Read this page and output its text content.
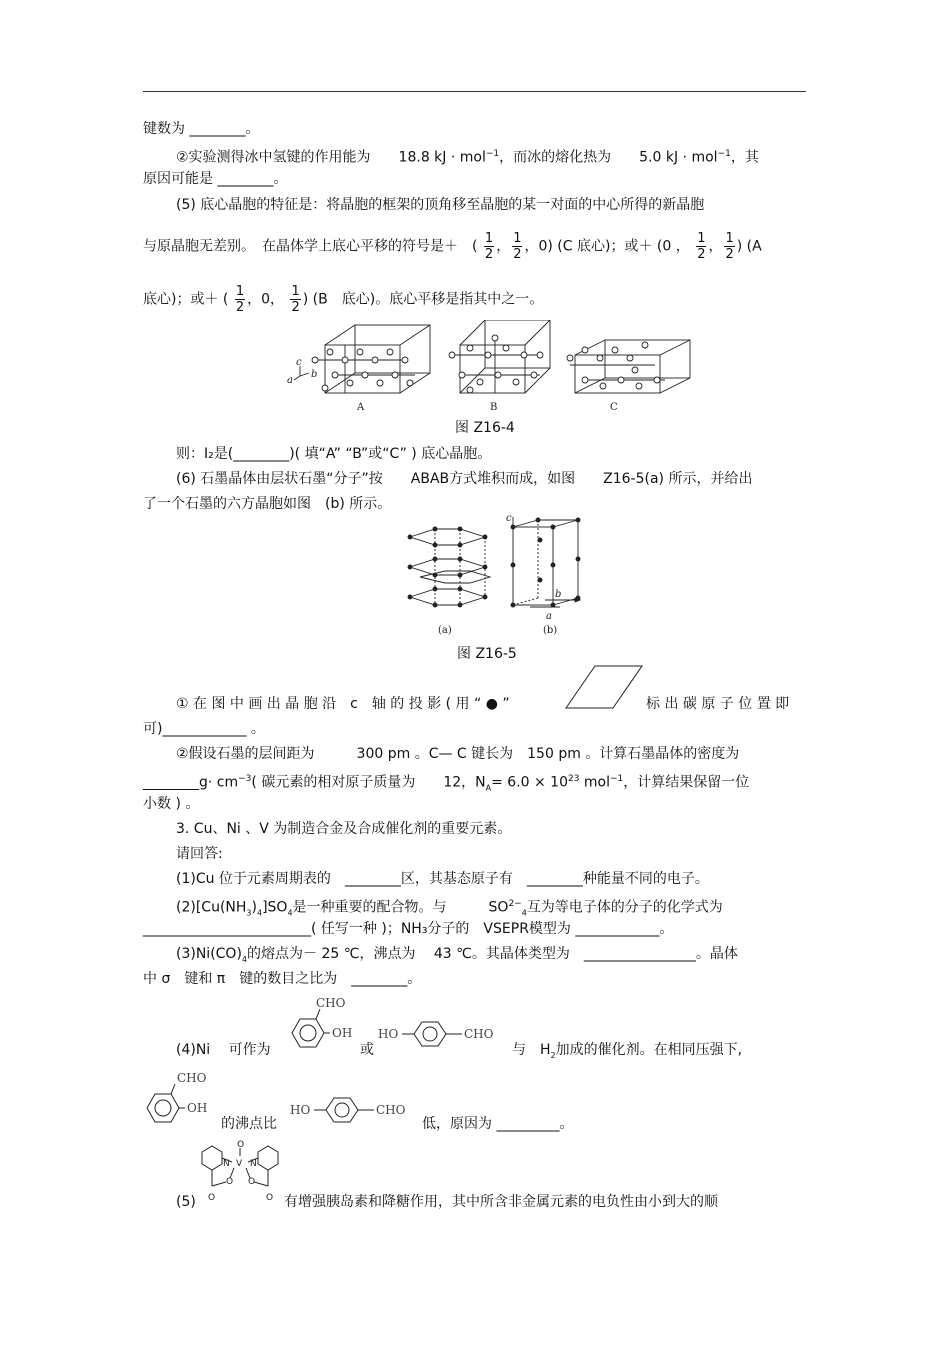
键数为 ________。
②实验测得冰中氢键的作用能为　　18.8 kJ · mol$^{-1}$，而冰的熔化热为　　5.0 kJ · mol$^{-1}$，其
原因可能是 ________。
(5) 底心晶胞的特征是：将晶胞的框架的顶角移至晶胞的某一对面的中心所得的新晶胞
与原晶胞无差别。　在晶体学上底心平移的符号是＋　( $\frac{1}{2}$ ， $\frac{1}{2}$ ，0) (C 底心)；或＋ (0 ， $\frac{1}{2}$ ， $\frac{1}{2}$ ) (A
底心)；或＋ ( $\frac{1}{2}$ ，0， $\frac{1}{2}$ ) (B　底心)。底心平移是指其中之一。
c
b
a
A	B	C
图 Z16-4
则：I₂是(________)( 填“A” “B”或“C” ) 底心晶胞。
(6) 石墨晶体由层状石墨“分子”按　　ABAB方式堆积而成，如图　　Z16-5(a) 所示，并给出
了一个石墨的六方晶胞如图　(b) 所示。
(a)
c
b
a
(b)
图 Z16-5
① 在 图 中 画 出 晶 胞 沿　c　轴 的 投 影 ( 用 “ ● ”	标 出 碳 原 子 位 置 即
可)____________ 。
②假设石墨的层间距为　　　300 pm 。C— C 键长为　150 pm 。计算石墨晶体的密度为
________g· $cm^{-3}$( 碳元素的相对原子质量为　　12，$N_A= 6.0 \times 10^{23}$ mol$^{-1}$，计算结果保留一位
小数 ) 。
3. Cu、Ni 、V 为制造合金及合成催化剂的重要元素。
请回答:
(1)Cu 位于元素周期表的　________区，其基态原子有　________种能量不同的电子。
$(2)[Cu(NH_3)_4]SO_4$是一种重要的配合物。与　　　$SO^{2-}_4$互为等电子体的分子的化学式为
________________________( 任写一种 )；NH₃分子的　VSEPR模型为 ____________。
$(3)Ni(CO)_4$的熔点为－ 25 ℃，沸点为　 43 ℃。其晶体类型为　________________。晶体
中 σ　键和 π　键的数目之比为　________。
(4)Ni　 可作为
CHO
OH
或
HO	CHO
与　$H_2$加成的催化剂。在相同压强下,
CHO
OH
的沸点比
HO	CHO
低，原因为 _________。
(5)
N N
V
O
O O
O	O 有增强胰岛素和降糖作用，其中所含非金属元素的电负性由小到大的顺
